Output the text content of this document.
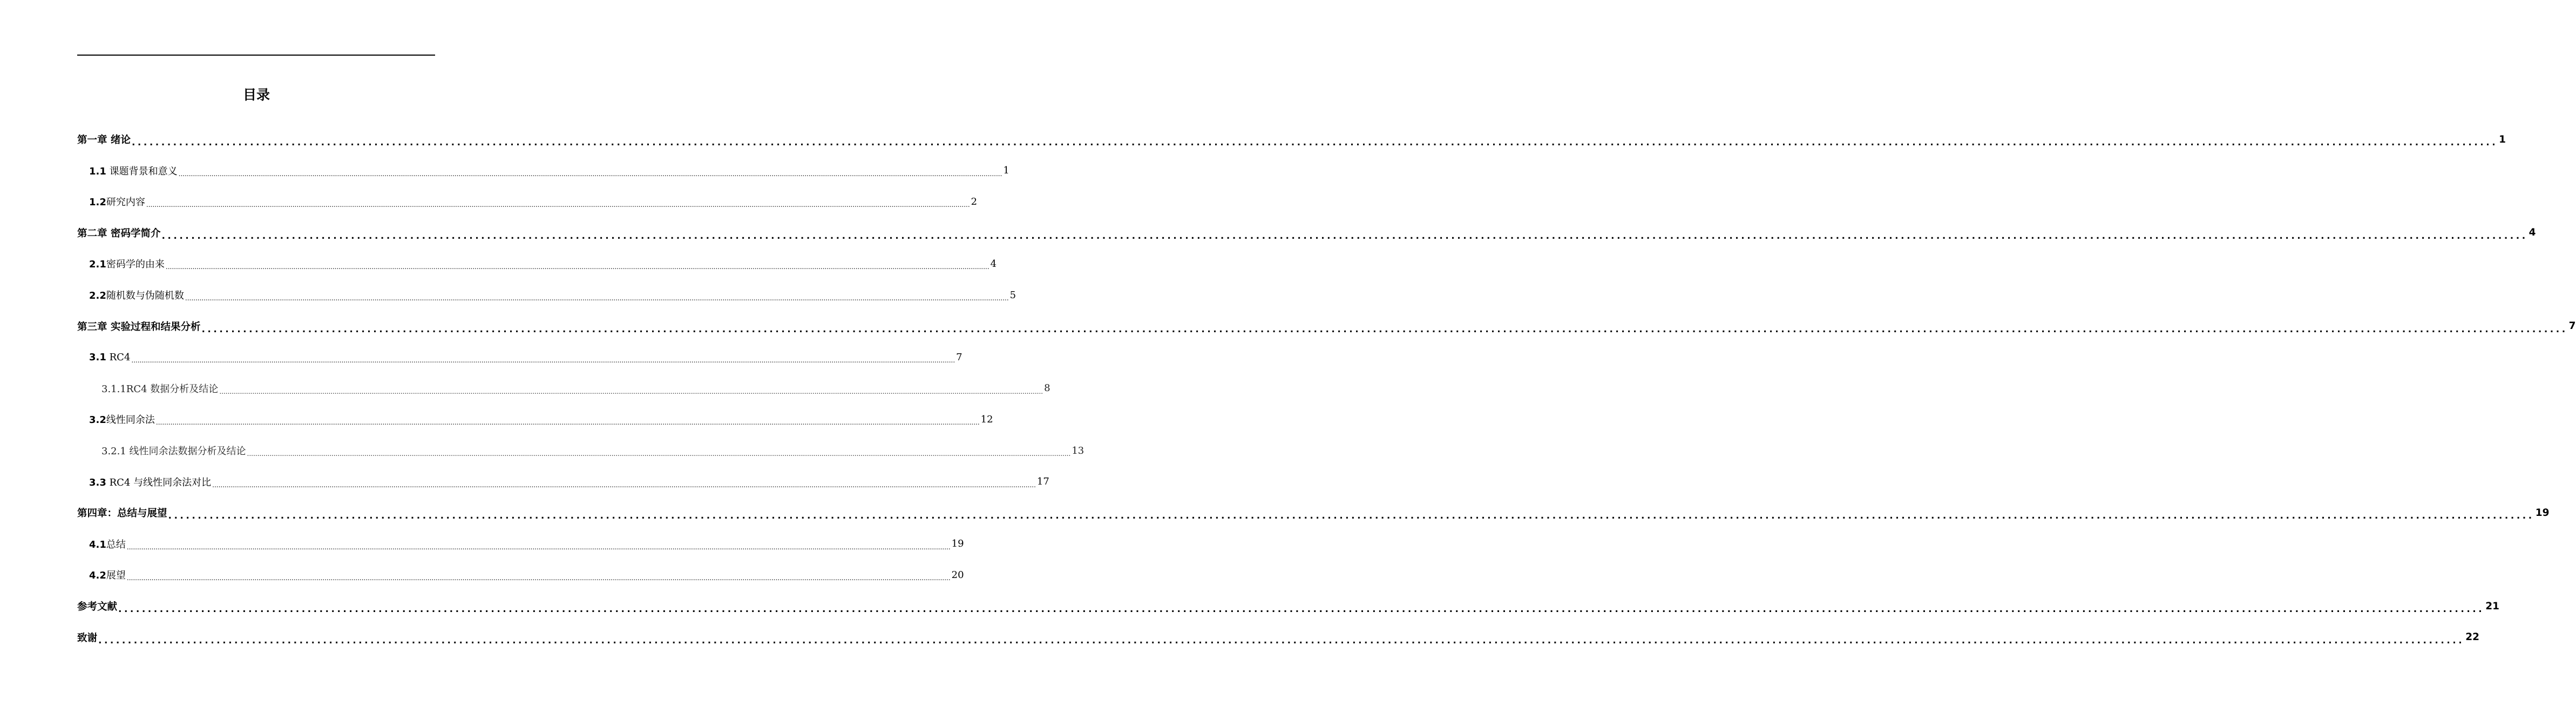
目录
第一章 绪论 ................................................................................................................................................................................................................................................................................................................................................................................................................ 1
1.1 课题背景和意义 ................................................................................................................................................................................................................................................................................................................................................................................................................ 1
1.2研究内容 ................................................................................................................................................................................................................................................................................................................................................................................................................ 2
第二章 密码学简介 ................................................................................................................................................................................................................................................................................................................................................................................................................ 4
2.1密码学的由来 ................................................................................................................................................................................................................................................................................................................................................................................................................ 4
2.2随机数与伪随机数 ................................................................................................................................................................................................................................................................................................................................................................................................................ 5
第三章 实验过程和结果分析 ................................................................................................................................................................................................................................................................................................................................................................................................................ 7
3.1 RC4 ................................................................................................................................................................................................................................................................................................................................................................................................................ 7
3.1.1RC4 数据分析及结论 ................................................................................................................................................................................................................................................................................................................................................................................................................ 8
3.2线性同余法 ................................................................................................................................................................................................................................................................................................................................................................................................................ 12
3.2.1 线性同余法数据分析及结论 ................................................................................................................................................................................................................................................................................................................................................................................................................ 13
3.3 RC4 与线性同余法对比 ................................................................................................................................................................................................................................................................................................................................................................................................................ 17
第四章：总结与展望 ................................................................................................................................................................................................................................................................................................................................................................................................................ 19
4.1总结 ................................................................................................................................................................................................................................................................................................................................................................................................................ 19
4.2展望 ................................................................................................................................................................................................................................................................................................................................................................................................................ 20
参考文献 ................................................................................................................................................................................................................................................................................................................................................................................................................ 21
致谢 ................................................................................................................................................................................................................................................................................................................................................................................................................ 22
